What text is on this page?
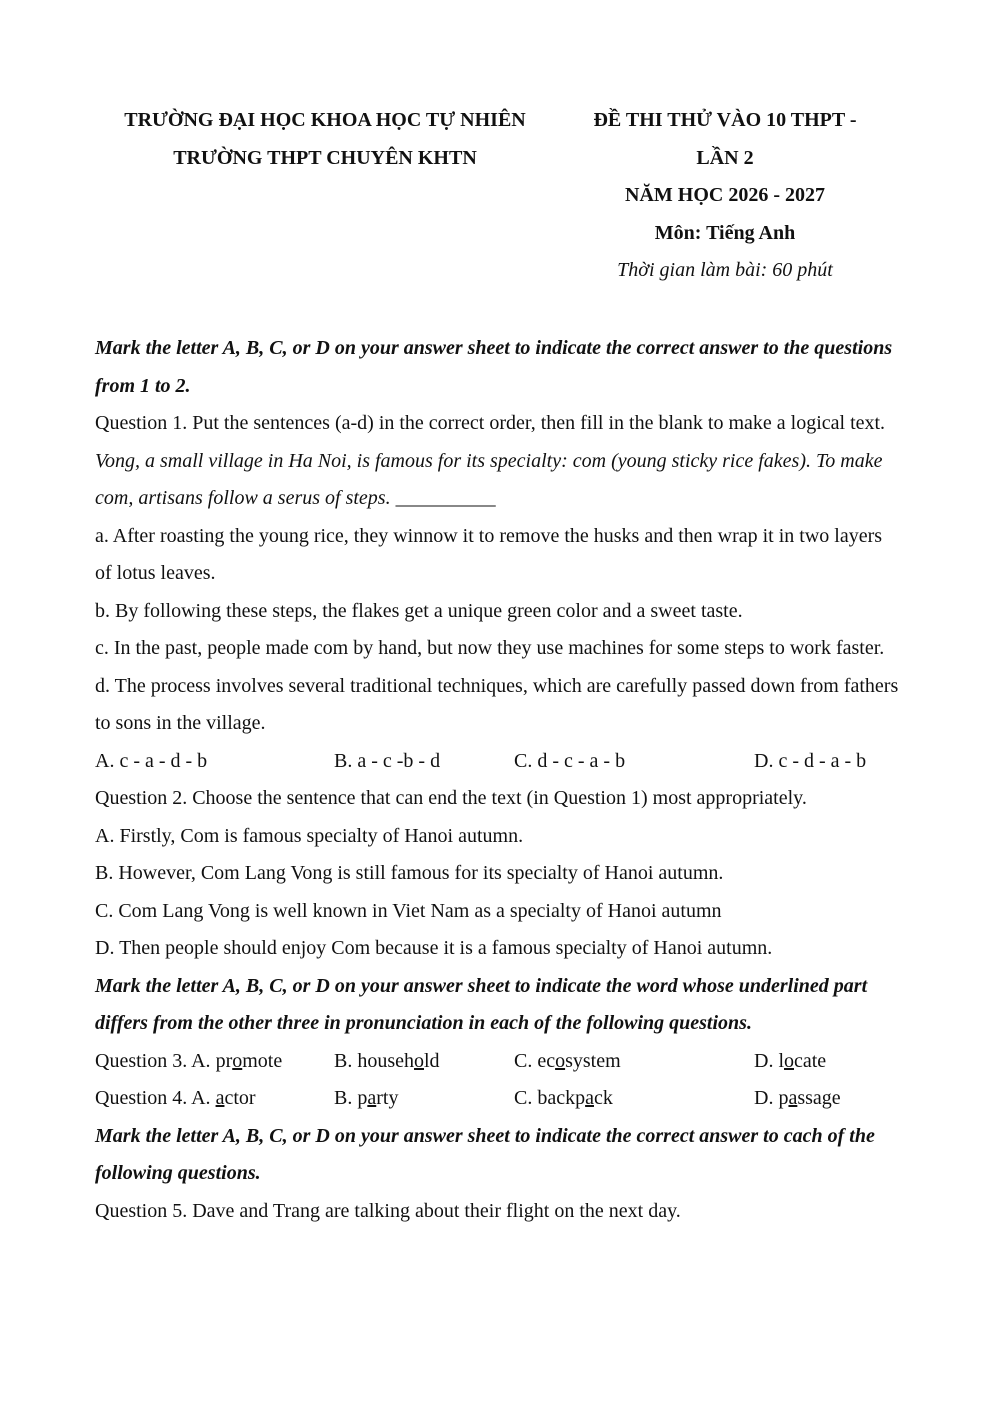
TRƯỜNG ĐẠI HỌC KHOA HỌC TỰ NHIÊN
TRƯỜNG THPT CHUYÊN KHTN
ĐỀ THI THỬ VÀO 10 THPT -
LẦN 2
NĂM HỌC 2026 - 2027
Môn: Tiếng Anh
Thời gian làm bài: 60 phút

Mark the letter A, B, C, or D on your answer sheet to indicate the correct answer to the questions from 1 to 2.

Question 1. Put the sentences (a-d) in the correct order, then fill in the blank to make a logical text.

Vong, a small village in Ha Noi, is famous for its specialty: com (young sticky rice fakes). To make com, artisans follow a serus of steps. __________

a. After roasting the young rice, they winnow it to remove the husks and then wrap it in two layers of lotus leaves.

b. By following these steps, the flakes get a unique green color and a sweet taste.

c. In the past, people made com by hand, but now they use machines for some steps to work faster.

d. The process involves several traditional techniques, which are carefully passed down from fathers to sons in the village.

A. c - a - d - b	B. a - c -b - d	C. d - c - a - b	D. c - d - a - b

Question 2. Choose the sentence that can end the text (in Question 1) most appropriately.

A. Firstly, Com is famous specialty of Hanoi autumn.

B. However, Com Lang Vong is still famous for its specialty of Hanoi autumn.

C. Com Lang Vong is well known in Viet Nam as a specialty of Hanoi autumn

D. Then people should enjoy Com because it is a famous specialty of Hanoi autumn.

Mark the letter A, B, C, or D on your answer sheet to indicate the word whose underlined part differs from the other three in pronunciation in each of the following questions.

Question 3. A. promote	B. household	C. ecosystem	D. locate
Question 4. A. actor	B. party	C. backpack	D. passage

Mark the letter A, B, C, or D on your answer sheet to indicate the correct answer to cach of the following questions.

Question 5. Dave and Trang are talking about their flight on the next day.
